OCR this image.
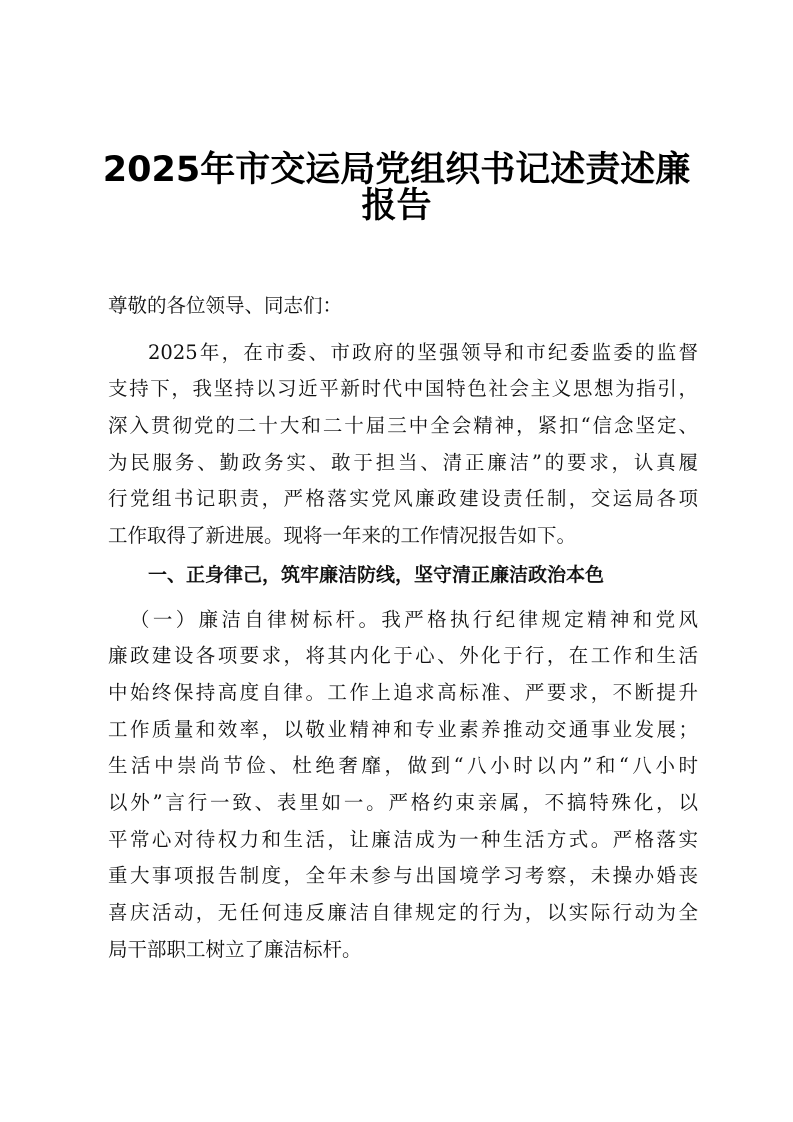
2025年市交运局党组织书记述责述廉
报告
尊敬的各位领导、同志们：
2025年，在市委、市政府的坚强领导和市纪委监委的监督
支持下，我坚持以习近平新时代中国特色社会主义思想为指引，
深入贯彻党的二十大和二十届三中全会精神，紧扣“信念坚定、
为民服务、勤政务实、敢于担当、清正廉洁”的要求，认真履
行党组书记职责，严格落实党风廉政建设责任制，交运局各项
工作取得了新进展。现将一年来的工作情况报告如下。
一、正身律己，筑牢廉洁防线，坚守清正廉洁政治本色
（一）廉洁自律树标杆。我严格执行纪律规定精神和党风
廉政建设各项要求，将其内化于心、外化于行，在工作和生活
中始终保持高度自律。工作上追求高标准、严要求，不断提升
工作质量和效率，以敬业精神和专业素养推动交通事业发展；
生活中崇尚节俭、杜绝奢靡，做到“八小时以内”和“八小时
以外”言行一致、表里如一。严格约束亲属，不搞特殊化，以
平常心对待权力和生活，让廉洁成为一种生活方式。严格落实
重大事项报告制度，全年未参与出国境学习考察，未操办婚丧
喜庆活动，无任何违反廉洁自律规定的行为，以实际行动为全
局干部职工树立了廉洁标杆。
